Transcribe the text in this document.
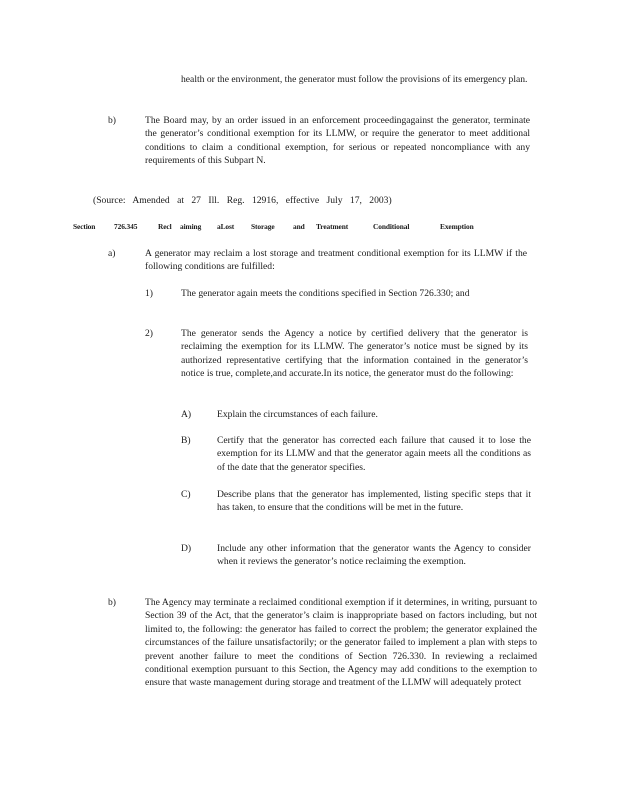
health or the environment, the generator must follow the provisions of its emergency plan.

b)	The Board may, by an order issued in an enforcement proceedingagainst the generator, terminate the generator’s conditional exemption for its LLMW, or require the generator to meet additional conditions to claim a conditional exemption, for serious or repeated noncompliance with any requirements of this Subpart N.

(Source: Amended at 27 Ill. Reg. 12916, effective July 17, 2003)

Section	726.345	Recl aiming aLost Storage and Treatment	Conditional	Exemption
a)	A generator may reclaim a lost storage and treatment conditional exemption for its LLMW if the following conditions are fulfilled:

1)	The generator again meets the conditions specified in Section 726.330; and

2)	The generator sends the Agency a notice by certified delivery that the generator is reclaiming the exemption for its LLMW. The generator’s notice must be signed by its authorized representative certifying that the information contained in the generator’s notice is true, complete,and accurate.In its notice, the generator must do the following:

A)	Explain the circumstances of each failure.

B)	Certify that the generator has corrected each failure that caused it to lose the exemption for its LLMW and that the generator again meets all the conditions as of the date that the generator specifies.

C)	Describe plans that the generator has implemented, listing specific steps that it has taken, to ensure that the conditions will be met in the future.

D)	Include any other information that the generator wants the Agency to consider when it reviews the generator’s notice reclaiming the exemption.

b)	The Agency may terminate a reclaimed conditional exemption if it determines, in writing, pursuant to Section 39 of the Act, that the generator’s claim is inappropriate based on factors including, but not limited to, the following: the generator has failed to correct the problem; the generator explained the circumstances of the failure unsatisfactorily; or the generator failed to implement a plan with steps to prevent another failure to meet the conditions of Section 726.330. In reviewing a reclaimed conditional exemption pursuant to this Section, the Agency may add conditions to the exemption to ensure that waste management during storage and treatment of the LLMW will adequately protect
